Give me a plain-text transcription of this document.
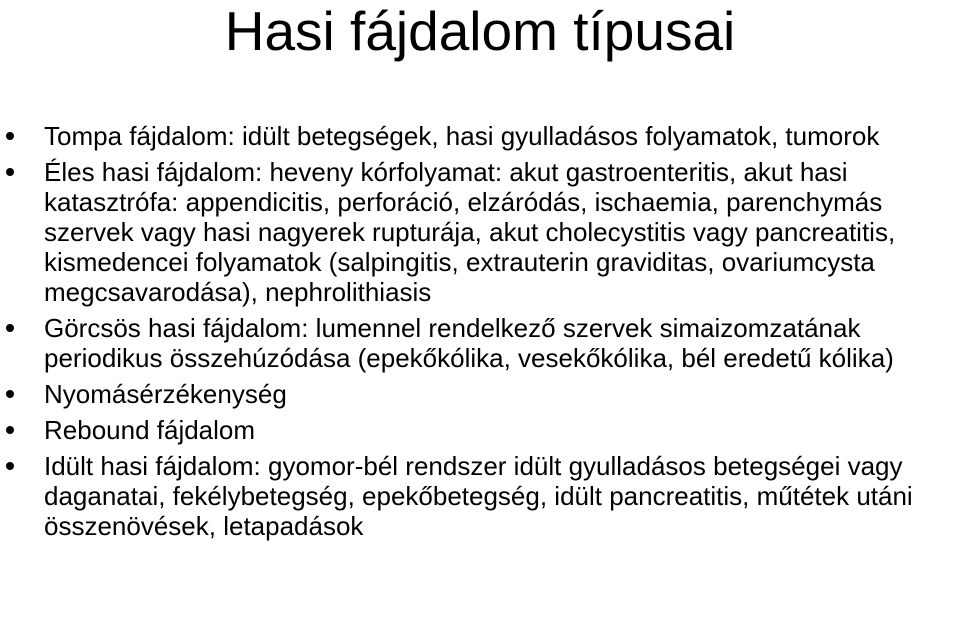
Hasi fájdalom típusai
Tompa fájdalom: idült betegségek, hasi gyulladásos folyamatok, tumorok
Éles hasi fájdalom: heveny kórfolyamat: akut gastroenteritis, akut hasi katasztrófa: appendicitis, perforáció, elzáródás, ischaemia, parenchymás szervek vagy hasi nagyerek rupturája, akut cholecystitis vagy pancreatitis, kismedencei folyamatok (salpingitis, extrauterin graviditas, ovariumcysta megcsavarodása), nephrolithiasis
Görcsös hasi fájdalom: lumennel rendelkező szervek simaizomzatának periodikus összehúzódása (epekőkólika, vesekőkólika, bél eredetű kólika)
Nyomásérzékenység
Rebound fájdalom
Idült hasi fájdalom: gyomor-bél rendszer idült gyulladásos betegségei vagy daganatai, fekélybetegség, epekőbetegség, idült pancreatitis, műtétek utáni összenövések, letapadások
